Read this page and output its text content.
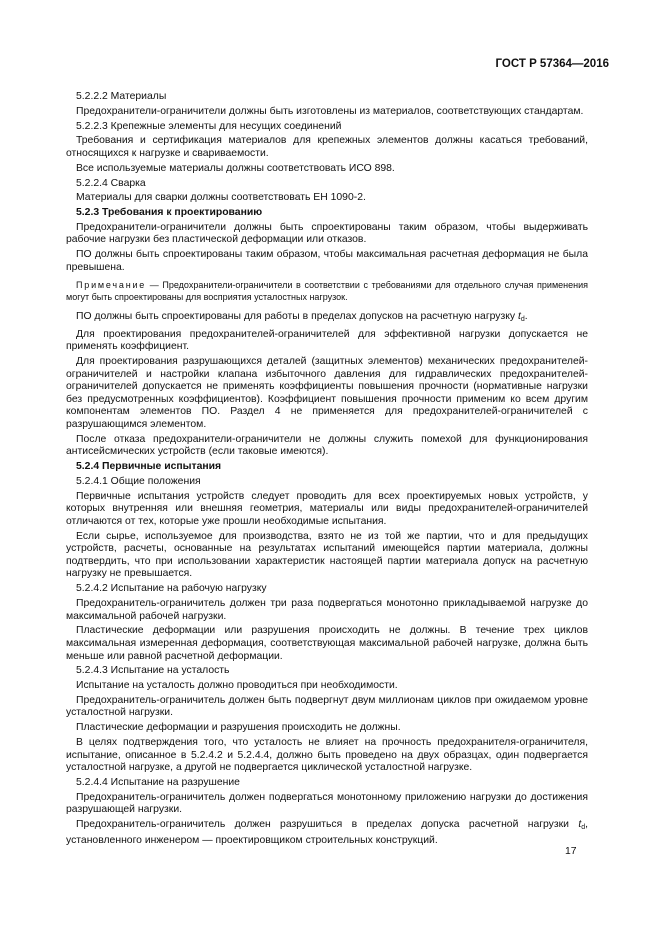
ГОСТ Р 57364—2016

5.2.2.2 Материалы

Предохранители-ограничители должны быть изготовлены из материалов, соответствующих стандартам.

5.2.2.3 Крепежные элементы для несущих соединений

Требования и сертификация материалов для крепежных элементов должны касаться требований, относящихся к нагрузке и свариваемости.

Все используемые материалы должны соответствовать ИСО 898.

5.2.2.4 Сварка

Материалы для сварки должны соответствовать ЕН 1090-2.

5.2.3 Требования к проектированию

Предохранители-ограничители должны быть спроектированы таким образом, чтобы выдерживать рабочие нагрузки без пластической деформации или отказов.

ПО должны быть спроектированы таким образом, чтобы максимальная расчетная деформация не была превышена.

Примечание — Предохранители-ограничители в соответствии с требованиями для отдельного случая применения могут быть спроектированы для восприятия усталостных нагрузок.

ПО должны быть спроектированы для работы в пределах допусков на расчетную нагрузку $t_d$.

Для проектирования предохранителей-ограничителей для эффективной нагрузки допускается не применять коэффициент.

Для проектирования разрушающихся деталей (защитных элементов) механических предохранителей-ограничителей и настройки клапана избыточного давления для гидравлических предохранителей-ограничителей допускается не применять коэффициенты повышения прочности (нормативные нагрузки без предусмотренных коэффициентов). Коэффициент повышения прочности применим ко всем другим компонентам элементов ПО. Раздел 4 не применяется для предохранителей-ограничителей с разрушающимся элементом.

После отказа предохранители-ограничители не должны служить помехой для функционирования антисейсмических устройств (если таковые имеются).

5.2.4 Первичные испытания

5.2.4.1 Общие положения

Первичные испытания устройств следует проводить для всех проектируемых новых устройств, у которых внутренняя или внешняя геометрия, материалы или виды предохранителей-ограничителей отличаются от тех, которые уже прошли необходимые испытания.

Если сырье, используемое для производства, взято не из той же партии, что и для предыдущих устройств, расчеты, основанные на результатах испытаний имеющейся партии материала, должны подтвердить, что при использовании характеристик настоящей партии материала допуск на расчетную нагрузку не превышается.

5.2.4.2 Испытание на рабочую нагрузку

Предохранитель-ограничитель должен три раза подвергаться монотонно прикладываемой нагрузке до максимальной рабочей нагрузки.

Пластические деформации или разрушения происходить не должны. В течение трех циклов максимальная измеренная деформация, соответствующая максимальной рабочей нагрузке, должна быть меньше или равной расчетной деформации.

5.2.4.3 Испытание на усталость

Испытание на усталость должно проводиться при необходимости.

Предохранитель-ограничитель должен быть подвергнут двум миллионам циклов при ожидаемом уровне усталостной нагрузки.

Пластические деформации и разрушения происходить не должны.

В целях подтверждения того, что усталость не влияет на прочность предохранителя-ограничителя, испытание, описанное в 5.2.4.2 и 5.2.4.4, должно быть проведено на двух образцах, один подвергается усталостной нагрузке, а другой не подвергается циклической усталостной нагрузке.

5.2.4.4 Испытание на разрушение

Предохранитель-ограничитель должен подвергаться монотонному приложению нагрузки до достижения разрушающей нагрузки.

Предохранитель-ограничитель должен разрушиться в пределах допуска расчетной нагрузки $t_d$, установленного инженером — проектировщиком строительных конструкций.

17
